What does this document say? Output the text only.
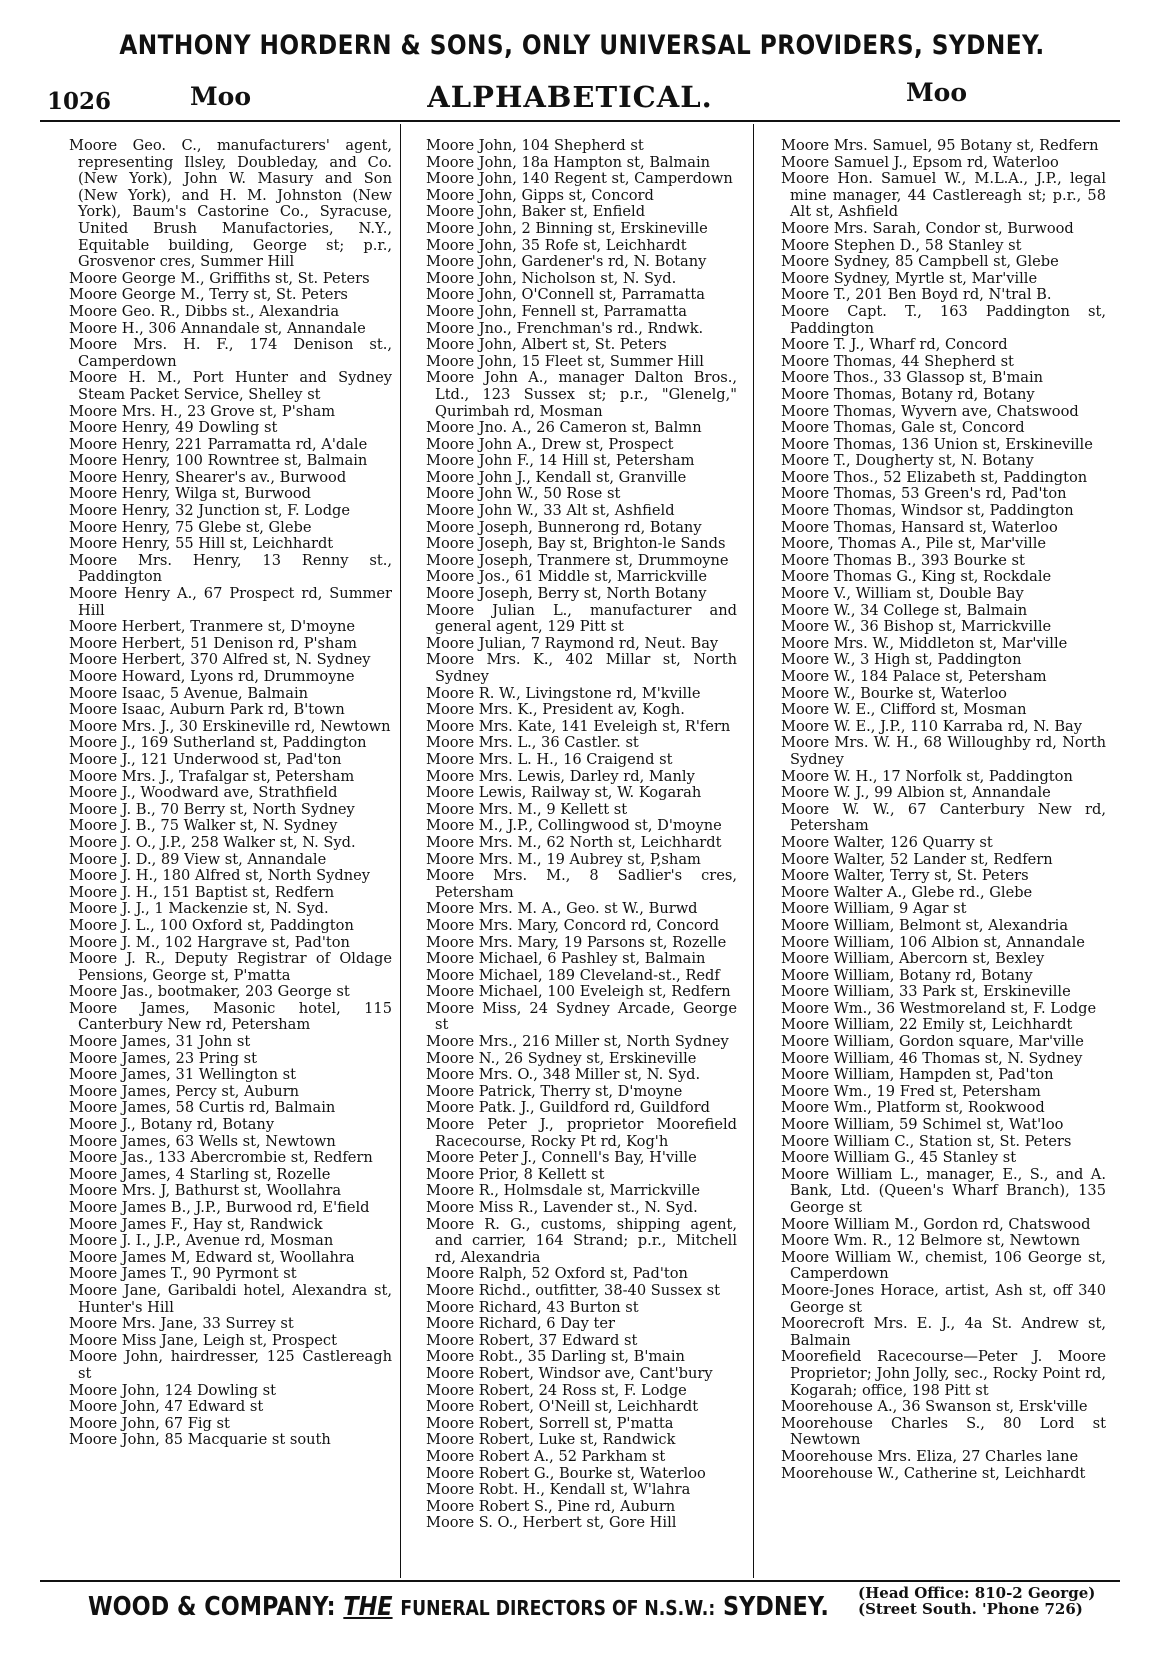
ANTHONY HORDERN & SONS, ONLY UNIVERSAL PROVIDERS, SYDNEY.
1026	Moo	ALPHABETICAL.	Moo
Moore Geo. C., manufacturers' agent, representing Ilsley, Doubleday, and Co. (New York), John W. Masury and Son (New York), and H. M. Johnston (New York), Baum's Castorine Co., Syracuse, United Brush Manufactories, N.Y., Equitable building, George st; p.r., Grosvenor cres, Summer Hill
Moore George M., Griffiths st, St. Peters
Moore George M., Terry st, St. Peters
Moore Geo. R., Dibbs st., Alexandria
Moore H., 306 Annandale st, Annandale
Moore Mrs. H. F., 174 Denison st., Camperdown
Moore H. M., Port Hunter and Sydney Steam Packet Service, Shelley st
Moore Mrs. H., 23 Grove st, P'sham
Moore Henry, 49 Dowling st
Moore Henry, 221 Parramatta rd, A'dale
Moore Henry, 100 Rowntree st, Balmain
Moore Henry, Shearer's av., Burwood
Moore Henry, Wilga st, Burwood
Moore Henry, 32 Junction st, F. Lodge
Moore Henry, 75 Glebe st, Glebe
Moore Henry, 55 Hill st, Leichhardt
Moore Mrs. Henry, 13 Renny st., Paddington
Moore Henry A., 67 Prospect rd, Summer Hill
Moore Herbert, Tranmere st, D'moyne
Moore Herbert, 51 Denison rd, P'sham
Moore Herbert, 370 Alfred st, N. Sydney
Moore Howard, Lyons rd, Drummoyne
Moore Isaac, 5 Avenue, Balmain
Moore Isaac, Auburn Park rd, B'town
Moore Mrs. J., 30 Erskineville rd, Newtown
Moore J., 169 Sutherland st, Paddington
Moore J., 121 Underwood st, Pad'ton
Moore Mrs. J., Trafalgar st, Petersham
Moore J., Woodward ave, Strathfield
Moore J. B., 70 Berry st, North Sydney
Moore J. B., 75 Walker st, N. Sydney
Moore J. O., J.P., 258 Walker st, N. Syd.
Moore J. D., 89 View st, Annandale
Moore J. H., 180 Alfred st, North Sydney
Moore J. H., 151 Baptist st, Redfern
Moore J. J., 1 Mackenzie st, N. Syd.
Moore J. L., 100 Oxford st, Paddington
Moore J. M., 102 Hargrave st, Pad'ton
Moore J. R., Deputy Registrar of Oldage Pensions, George st, P'matta
Moore Jas., bootmaker, 203 George st
Moore James, Masonic hotel, 115 Canterbury New rd, Petersham
Moore James, 31 John st
Moore James, 23 Pring st
Moore James, 31 Wellington st
Moore James, Percy st, Auburn
Moore James, 58 Curtis rd, Balmain
Moore J., Botany rd, Botany
Moore James, 63 Wells st, Newtown
Moore Jas., 133 Abercrombie st, Redfern
Moore James, 4 Starling st, Rozelle
Moore Mrs. J, Bathurst st, Woollahra
Moore James B., J.P., Burwood rd, E'field
Moore James F., Hay st, Randwick
Moore J. I., J.P., Avenue rd, Mosman
Moore James M, Edward st, Woollahra
Moore James T., 90 Pyrmont st
Moore Jane, Garibaldi hotel, Alexandra st, Hunter's Hill
Moore Mrs. Jane, 33 Surrey st
Moore Miss Jane, Leigh st, Prospect
Moore John, hairdresser, 125 Castlereagh st
Moore John, 124 Dowling st
Moore John, 47 Edward st
Moore John, 67 Fig st
Moore John, 85 Macquarie st south
Moore John, 104 Shepherd st
Moore John, 18a Hampton st, Balmain
Moore John, 140 Regent st, Camperdown
Moore John, Gipps st, Concord
Moore John, Baker st, Enfield
Moore John, 2 Binning st, Erskineville
Moore John, 35 Rofe st, Leichhardt
Moore John, Gardener's rd, N. Botany
Moore John, Nicholson st, N. Syd.
Moore John, O'Connell st, Parramatta
Moore John, Fennell st, Parramatta
Moore Jno., Frenchman's rd., Rndwk.
Moore John, Albert st, St. Peters
Moore John, 15 Fleet st, Summer Hill
Moore John A., manager Dalton Bros., Ltd., 123 Sussex st; p.r., "Glenelg," Qurimbah rd, Mosman
Moore Jno. A., 26 Cameron st, Balmn
Moore John A., Drew st, Prospect
Moore John F., 14 Hill st, Petersham
Moore John J., Kendall st, Granville
Moore John W., 50 Rose st
Moore John W., 33 Alt st, Ashfield
Moore Joseph, Bunnerong rd, Botany
Moore Joseph, Bay st, Brighton-le Sands
Moore Joseph, Tranmere st, Drummoyne
Moore Jos., 61 Middle st, Marrickville
Moore Joseph, Berry st, North Botany
Moore Julian L., manufacturer and general agent, 129 Pitt st
Moore Julian, 7 Raymond rd, Neut. Bay
Moore Mrs. K., 402 Millar st, North Sydney
Moore R. W., Livingstone rd, M'kville
Moore Mrs. K., President av, Kogh.
Moore Mrs. Kate, 141 Eveleigh st, R'fern
Moore Mrs. L., 36 Castler. st
Moore Mrs. L. H., 16 Craigend st
Moore Mrs. Lewis, Darley rd, Manly
Moore Lewis, Railway st, W. Kogarah
Moore Mrs. M., 9 Kellett st
Moore M., J.P., Collingwood st, D'moyne
Moore Mrs. M., 62 North st, Leichhardt
Moore Mrs. M., 19 Aubrey st, P,sham
Moore Mrs. M., 8 Sadlier's cres, Petersham
Moore Mrs. M. A., Geo. st W., Burwd
Moore Mrs. Mary, Concord rd, Concord
Moore Mrs. Mary, 19 Parsons st, Rozelle
Moore Michael, 6 Pashley st, Balmain
Moore Michael, 189 Cleveland-st., Redf
Moore Michael, 100 Eveleigh st, Redfern
Moore Miss, 24 Sydney Arcade, George st
Moore Mrs., 216 Miller st, North Sydney
Moore N., 26 Sydney st, Erskineville
Moore Mrs. O., 348 Miller st, N. Syd.
Moore Patrick, Therry st, D'moyne
Moore Patk. J., Guildford rd, Guildford
Moore Peter J., proprietor Moorefield Racecourse, Rocky Pt rd, Kog'h
Moore Peter J., Connell's Bay, H'ville
Moore Prior, 8 Kellett st
Moore R., Holmsdale st, Marrickville
Moore Miss R., Lavender st., N. Syd.
Moore R. G., customs, shipping agent, and carrier, 164 Strand; p.r., Mitchell rd, Alexandria
Moore Ralph, 52 Oxford st, Pad'ton
Moore Richd., outfitter, 38-40 Sussex st
Moore Richard, 43 Burton st
Moore Richard, 6 Day ter
Moore Robert, 37 Edward st
Moore Robt., 35 Darling st, B'main
Moore Robert, Windsor ave, Cant'bury
Moore Robert, 24 Ross st, F. Lodge
Moore Robert, O'Neill st, Leichhardt
Moore Robert, Sorrell st, P'matta
Moore Robert, Luke st, Randwick
Moore Robert A., 52 Parkham st
Moore Robert G., Bourke st, Waterloo
Moore Robt. H., Kendall st, W'lahra
Moore Robert S., Pine rd, Auburn
Moore S. O., Herbert st, Gore Hill
Moore Mrs. Samuel, 95 Botany st, Redfern
Moore Samuel J., Epsom rd, Waterloo
Moore Hon. Samuel W., M.L.A., J.P., legal mine manager, 44 Castlereagh st; p.r., 58 Alt st, Ashfield
Moore Mrs. Sarah, Condor st, Burwood
Moore Stephen D., 58 Stanley st
Moore Sydney, 85 Campbell st, Glebe
Moore Sydney, Myrtle st, Mar'ville
Moore T., 201 Ben Boyd rd, N'tral B.
Moore Capt. T., 163 Paddington st, Paddington
Moore T. J., Wharf rd, Concord
Moore Thomas, 44 Shepherd st
Moore Thos., 33 Glassop st, B'main
Moore Thomas, Botany rd, Botany
Moore Thomas, Wyvern ave, Chatswood
Moore Thomas, Gale st, Concord
Moore Thomas, 136 Union st, Erskineville
Moore T., Dougherty st, N. Botany
Moore Thos., 52 Elizabeth st, Paddington
Moore Thomas, 53 Green's rd, Pad'ton
Moore Thomas, Windsor st, Paddington
Moore Thomas, Hansard st, Waterloo
Moore, Thomas A., Pile st, Mar'ville
Moore Thomas B., 393 Bourke st
Moore Thomas G., King st, Rockdale
Moore V., William st, Double Bay
Moore W., 34 College st, Balmain
Moore W., 36 Bishop st, Marrickville
Moore Mrs. W., Middleton st, Mar'ville
Moore W., 3 High st, Paddington
Moore W., 184 Palace st, Petersham
Moore W., Bourke st, Waterloo
Moore W. E., Clifford st, Mosman
Moore W. E., J.P., 110 Karraba rd, N. Bay
Moore Mrs. W. H., 68 Willoughby rd, North Sydney
Moore W. H., 17 Norfolk st, Paddington
Moore W. J., 99 Albion st, Annandale
Moore W. W., 67 Canterbury New rd, Petersham
Moore Walter, 126 Quarry st
Moore Walter, 52 Lander st, Redfern
Moore Walter, Terry st, St. Peters
Moore Walter A., Glebe rd., Glebe
Moore William, 9 Agar st
Moore William, Belmont st, Alexandria
Moore William, 106 Albion st, Annandale
Moore William, Abercorn st, Bexley
Moore William, Botany rd, Botany
Moore William, 33 Park st, Erskineville
Moore Wm., 36 Westmoreland st, F. Lodge
Moore William, 22 Emily st, Leichhardt
Moore William, Gordon square, Mar'ville
Moore William, 46 Thomas st, N. Sydney
Moore William, Hampden st, Pad'ton
Moore Wm., 19 Fred st, Petersham
Moore Wm., Platform st, Rookwood
Moore William, 59 Schimel st, Wat'loo
Moore William C., Station st, St. Peters
Moore William G., 45 Stanley st
Moore William L., manager, E., S., and A. Bank, Ltd. (Queen's Wharf Branch), 135 George st
Moore William M., Gordon rd, Chatswood
Moore Wm. R., 12 Belmore st, Newtown
Moore William W., chemist, 106 George st, Camperdown
Moore-Jones Horace, artist, Ash st, off 340 George st
Moorecroft Mrs. E. J., 4a St. Andrew st, Balmain
Moorefield Racecourse—Peter J. Moore Proprietor; John Jolly, sec., Rocky Point rd, Kogarah; office, 198 Pitt st
Moorehouse A., 36 Swanson st, Ersk'ville
Moorehouse Charles S., 80 Lord st Newtown
Moorehouse Mrs. Eliza, 27 Charles lane
Moorehouse W., Catherine st, Leichhardt
WOOD & COMPANY: THE FUNERAL DIRECTORS OF N.S.W.: SYDNEY. (Head Office: 810-2 George)
(Street South. 'Phone 726)
